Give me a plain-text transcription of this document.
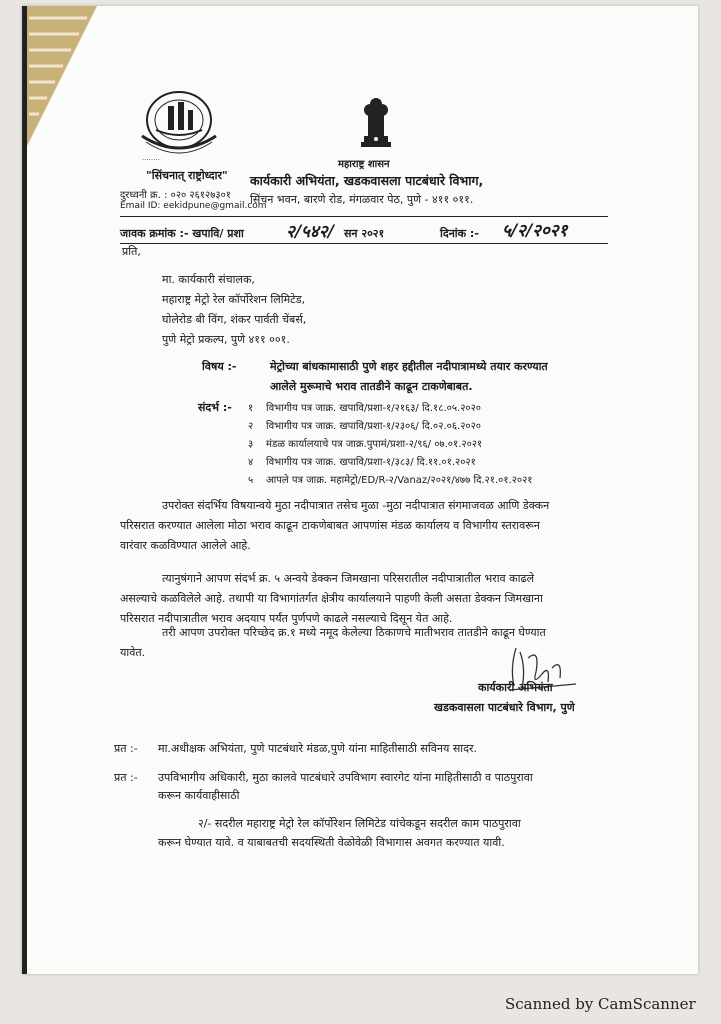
........
"सिंचनात् राष्ट्रोध्दार"
दुरध्वनी क्र. : ०२० २६१२७३०१
Email ID: eekidpune@gmail.com
महाराष्ट्र शासन
कार्यकारी अभियंता, खडकवासला पाटबंधारे विभाग,
सिंचन भवन, बारणे रोड, मंगळवार पेठ, पुणे - ४११ ०११.
जावक क्रमांक :- खपावि/ प्रशा २/५४२/ सन २०२१	दिनांक :- ५/२/२०२१
प्रति,
मा. कार्यकारी संचालक,
महाराष्ट्र मेट्रो रेल कॉर्पोरेशन लिमिटेड,
घोलेरोड बी विंग, शंकर पार्वती चेंबर्स,
पुणे मेट्रो प्रकल्प, पुणे ४११ ००१.
विषय :-	मेट्रोच्या बांधकामासाठी पुणे शहर हद्दीतील नदीपात्रामध्ये तयार करण्यात
आलेले मुरूमाचे भराव तातडीने काढून टाकणेबाबत.
संदर्भ :- १ विभागीय पत्र जाक्र. खपावि/प्रशा-१/२१६३/ दि.१८.०५.२०२०
२ विभागीय पत्र जाक्र. खपावि/प्रशा-१/२३०६/ दि.०२.०६.२०२०
३ मंडळ कार्यालयाचे पत्र जाक्र.पुपामं/प्रशा-२/९६/ ०७.०१.२०२१
४ विभागीय पत्र जाक्र. खपावि/प्रशा-१/३८३/ दि.११.०१.२०२१
५ आपले पत्र जाक्र. महामेट्रो/ED/R-२/Vanaz/२०२१/४७७ दि.२१.०१.२०२१
उपरोक्त संदर्भिय विषयान्वये मुठा नदीपात्रात तसेच मुळा -मुठा नदीपात्रात संगमाजवळ आणि डेक्कन
परिसरात करण्यात आलेला मोठा भराव काढून टाकणेबाबत आपणांस मंडळ कार्यालय व विभागीय स्तरावरून
वारंवार कळविण्यात आलेले आहे.
त्यानुषंगाने आपण संदर्भ क्र. ५ अन्वये डेक्कन जिमखाना परिसरातील नदीपात्रातील भराव काढले
असल्याचे कळविलेले आहे. तथापी या विभागांतर्गत क्षेत्रीय कार्यालयाने पाहणी केली असता डेक्कन जिमखाना
परिसरात नदीपात्रातील भराव अदयाप पर्यंत पुर्णपणे काढले नसल्याचे दिसून येत आहे.
तरी आपण उपरोक्त परिच्छेद क्र.१ मध्ये नमूद केलेल्या ठिकाणचे मातीभराव तातडीने काढून घेण्यात
यावेत.
कार्यकारी अभियंता
खडकवासला पाटबंधारे विभाग, पुणे
प्रत :- मा.अधीक्षक अभियंता, पुणे पाटबंधारे मंडळ,पुणे यांना माहितीसाठी सविनय सादर.
प्रत :- उपविभागीय अधिकारी, मुठा कालवे पाटबंधारे उपविभाग स्वारगेट यांना माहितीसाठी व पाठपुरावा
करून कार्यवाहीसाठी
२/- सदरील महाराष्ट्र मेट्रो रेल कॉर्पोरेशन लिमिटेड यांचेकडून सदरील काम पाठपुरावा
करून घेण्यात यावे. व याबाबतची सदयस्थिती वेळोवेळी विभागास अवगत करण्यात यावी.
Scanned by CamScanner
